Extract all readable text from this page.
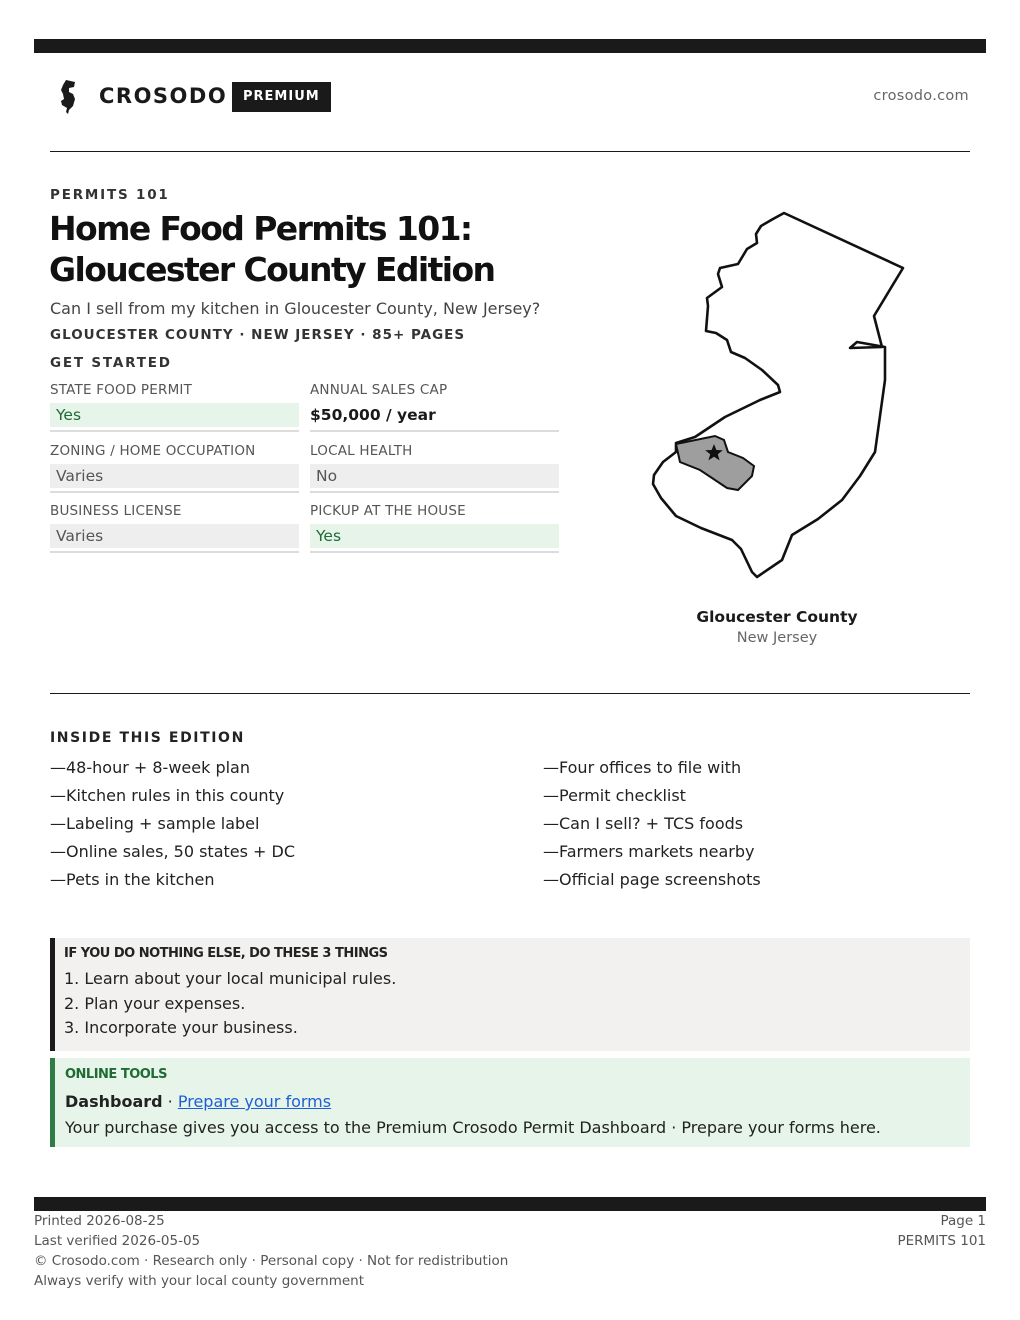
CROSODO	PREMIUM	crosodo.com
PERMITS 101
Home Food Permits 101:
Gloucester County Edition
Can I sell from my kitchen in Gloucester County, New Jersey?
GLOUCESTER COUNTY · NEW JERSEY · 85+ PAGES
GET STARTED
STATE FOOD PERMIT
Yes
ANNUAL SALES CAP
$50,000 / year
ZONING / HOME OCCUPATION
Varies
LOCAL HEALTH
No
BUSINESS LICENSE
Varies
PICKUP AT THE HOUSE
Yes
Gloucester County
New Jersey
INSIDE THIS EDITION
—48-hour + 8-week plan
—Kitchen rules in this county
—Labeling + sample label
—Online sales, 50 states + DC
—Pets in the kitchen
—Four offices to file with
—Permit checklist
—Can I sell? + TCS foods
—Farmers markets nearby
—Official page screenshots
IF YOU DO NOTHING ELSE, DO THESE 3 THINGS
1. Learn about your local municipal rules.
2. Plan your expenses.
3. Incorporate your business.
ONLINE TOOLS
Dashboard · Prepare your forms
Your purchase gives you access to the Premium Crosodo Permit Dashboard · Prepare your forms here.
Printed 2026-08-25
Last verified 2026-05-05
© Crosodo.com · Research only · Personal copy · Not for redistribution
Always verify with your local county government
Page 1
PERMITS 101
